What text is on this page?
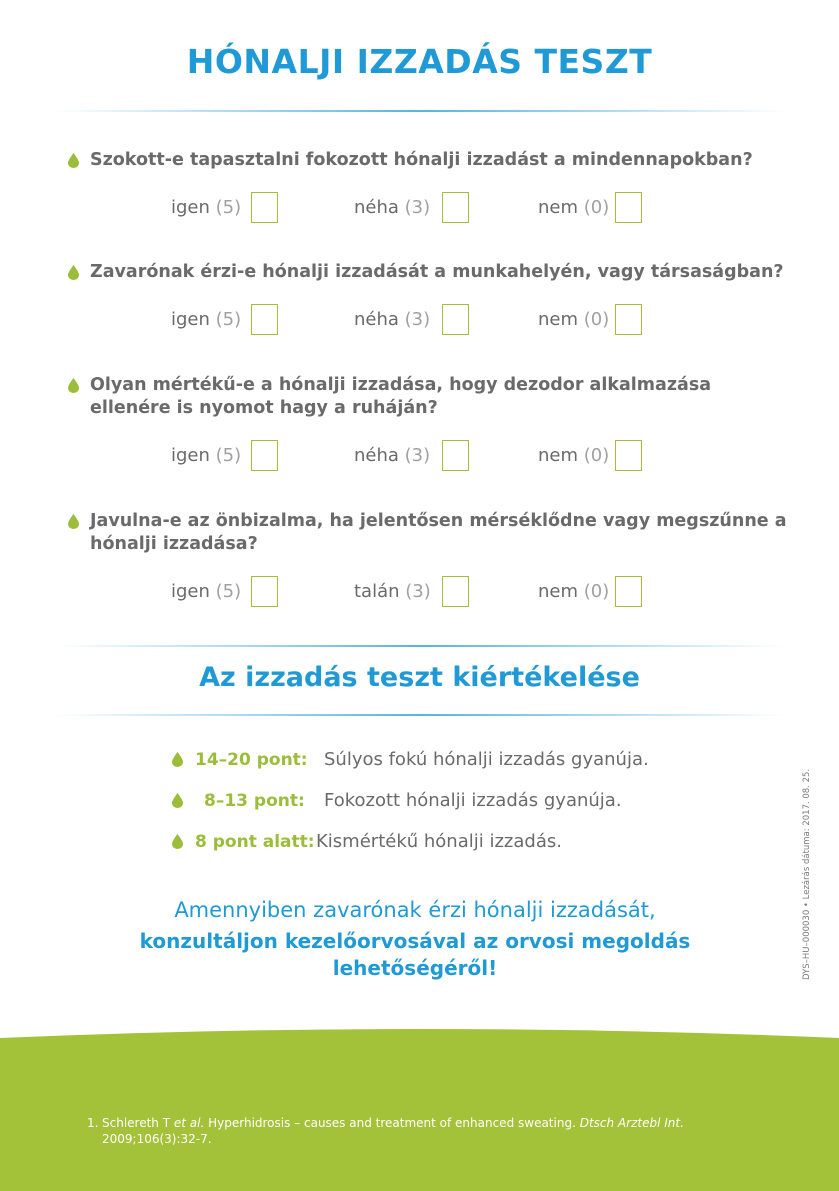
HÓNALJI IZZADÁS TESZT
Szokott-e tapasztalni fokozott hónalji izzadást a mindennapokban?
igen (5)	néha (3)	nem (0)
Zavarónak érzi-e hónalji izzadását a munkahelyén, vagy társaságban?
igen (5)	néha (3)	nem (0)
Olyan mértékű-e a hónalji izzadása, hogy dezodor alkalmazása ellenére is nyomot hagy a ruháján?
igen (5)	néha (3)	nem (0)
Javulna-e az önbizalma, ha jelentősen mérséklődne vagy megszűnne a hónalji izzadása?
igen (5)	talán (3)	nem (0)
Az izzadás teszt kiértékelése
14–20 pont: Súlyos fokú hónalji izzadás gyanúja.
8–13 pont: Fokozott hónalji izzadás gyanúja.
8 pont alatt: Kismértékű hónalji izzadás.
Amennyiben zavarónak érzi hónalji izzadását,
konzultáljon kezelőorvosával az orvosi megoldás lehetőségéről!	DYS–HU–000030 • Lezárás dátuma: 2017. 08. 25.
1. Schlereth T et al. Hyperhidrosis – causes and treatment of enhanced sweating. Dtsch Arztebl Int. 2009;106(3):32-7.
